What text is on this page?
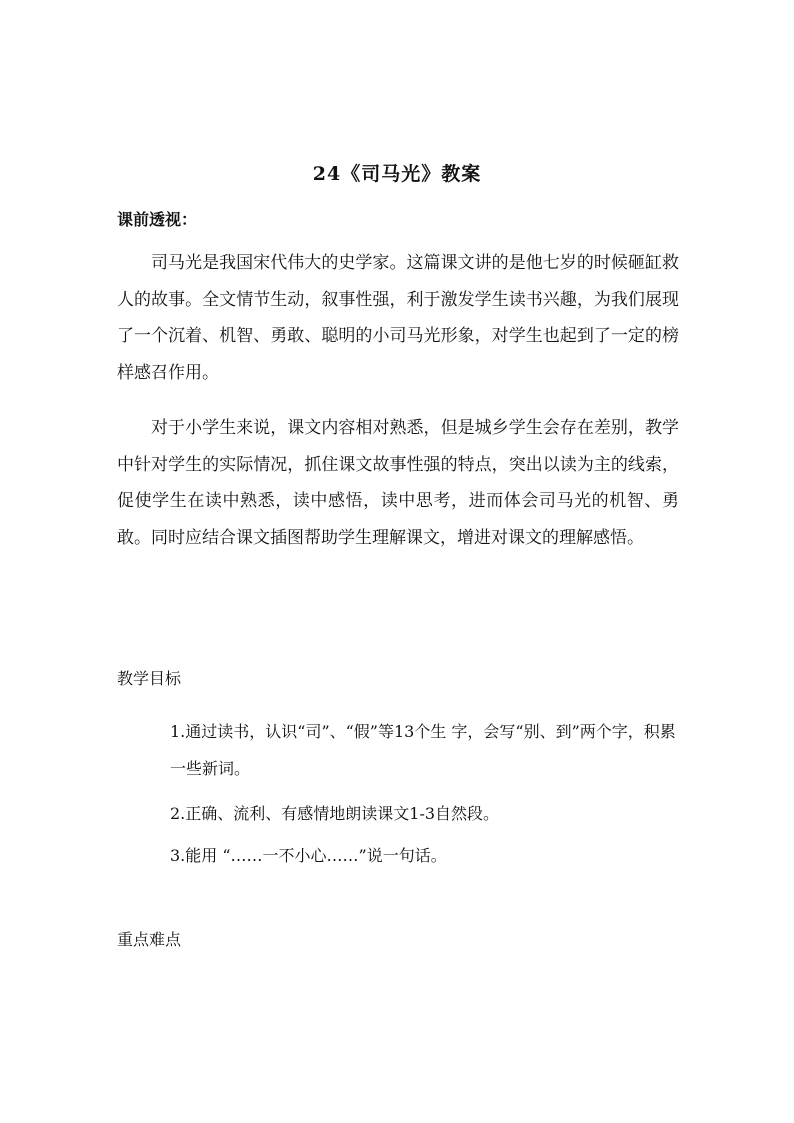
24《司马光》教案
课前透视：

司马光是我国宋代伟大的史学家。这篇课文讲的是他七岁的时候砸缸救人的故事。全文情节生动，叙事性强，利于激发学生读书兴趣，为我们展现了一个沉着、机智、勇敢、聪明的小司马光形象，对学生也起到了一定的榜样感召作用。

对于小学生来说，课文内容相对熟悉，但是城乡学生会存在差别，教学中针对学生的实际情况，抓住课文故事性强的特点，突出以读为主的线索，促使学生在读中熟悉，读中感悟，读中思考，进而体会司马光的机智、勇敢。同时应结合课文插图帮助学生理解课文，增进对课文的理解感悟。

教学目标

1.通过读书，认识“司”、“假”等13个生 字，会写“别、到”两个字，积累一些新词。

2.正确、流利、有感情地朗读课文1-3自然段。

3.能用 “……一不小心……”说一句话。

重点难点
